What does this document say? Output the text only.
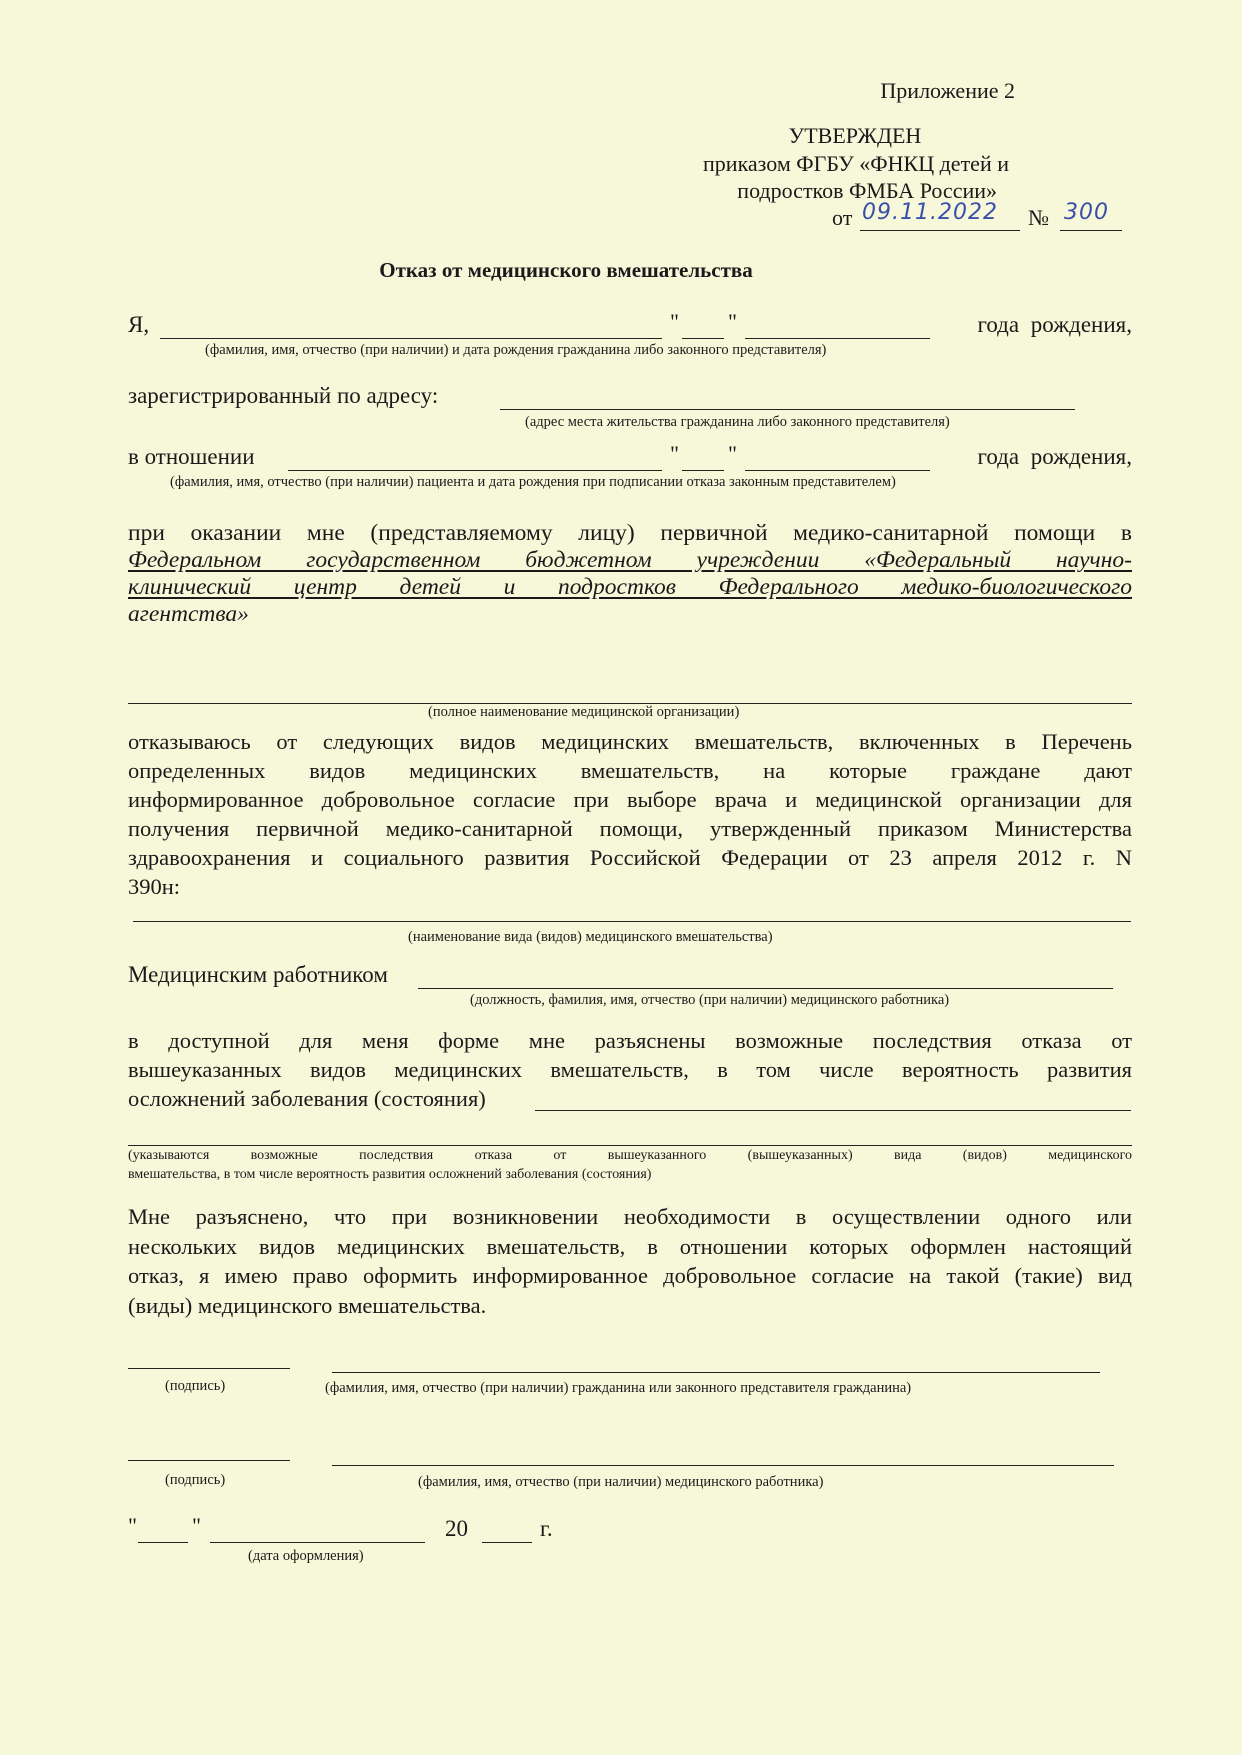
Приложение 2
УТВЕРЖДЕН
приказом ФГБУ «ФНКЦ детей и
подростков ФМБА России»
от 09.11.2022 № 300
Отказ от медицинского вмешательства
Я,	" "	года рождения,
(фамилия, имя, отчество (при наличии) и дата рождения гражданина либо законного представителя)
зарегистрированный по адресу:
(адрес места жительства гражданина либо законного представителя)
в отношении	" "	года рождения,
(фамилия, имя, отчество (при наличии) пациента и дата рождения при подписании отказа законным представителем)
при оказании мне (представляемому лицу) первичной медико-санитарной помощи в
Федеральном государственном бюджетном учреждении «Федеральный научно-
клинический центр детей и подростков Федерального медико-биологического
агентства»
(полное наименование медицинской организации)
отказываюсь от следующих видов медицинских вмешательств, включенных в Перечень
определенных видов медицинских вмешательств, на которые граждане дают
информированное добровольное согласие при выборе врача и медицинской организации для
получения первичной медико-санитарной помощи, утвержденный приказом Министерства
здравоохранения и социального развития Российской Федерации от 23 апреля 2012 г. N
390н:
(наименование вида (видов) медицинского вмешательства)
Медицинским работником
(должность, фамилия, имя, отчество (при наличии) медицинского работника)
в доступной для меня форме мне разъяснены возможные последствия отказа от
вышеуказанных видов медицинских вмешательств, в том числе вероятность развития
осложнений заболевания (состояния)
(указываются возможные последствия отказа от вышеуказанного (вышеуказанных) вида (видов) медицинского
вмешательства, в том числе вероятность развития осложнений заболевания (состояния)
Мне разъяснено, что при возникновении необходимости в осуществлении одного или
нескольких видов медицинских вмешательств, в отношении которых оформлен настоящий
отказ, я имею право оформить информированное добровольное согласие на такой (такие) вид
(виды) медицинского вмешательства.
(подпись)	(фамилия, имя, отчество (при наличии) гражданина или законного представителя гражданина)
(подпись)	(фамилия, имя, отчество (при наличии) медицинского работника)
"	"	20	г.
(дата оформления)
